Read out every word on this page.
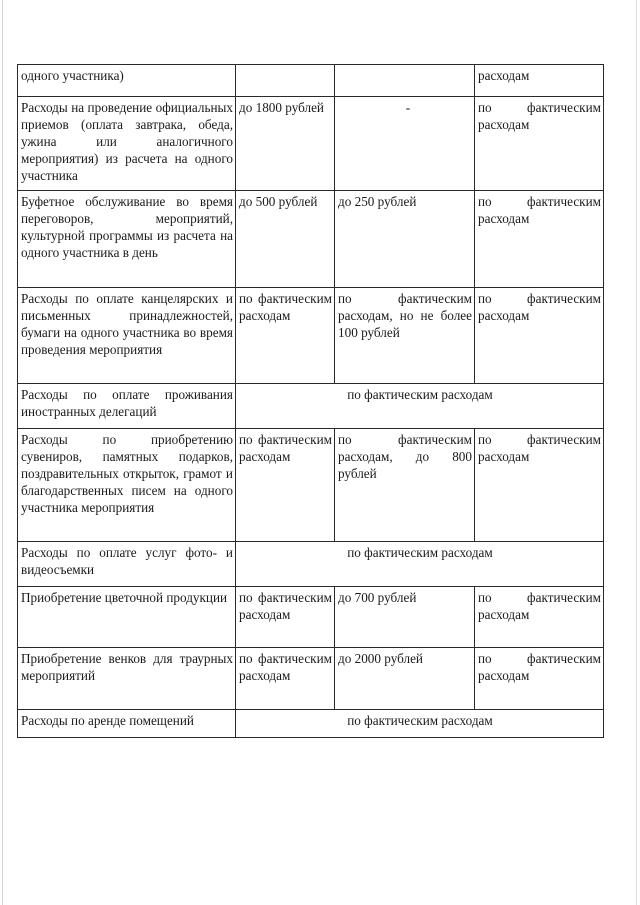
одного участника)			расходам
Расходы на проведение официальных приемов (оплата завтрака, обеда, ужина или аналогичного мероприятия) из расчета на одного участника	до 1800 рублей	-	по фактическим расходам
Буфетное обслуживание во время переговоров, мероприятий, культурной программы из расчета на одного участника в день	до 500 рублей	до 250 рублей	по фактическим расходам
Расходы по оплате канцелярских и письменных принадлежностей, бумаги на одного участника во время проведения мероприятия	по фактическим расходам	по фактическим расходам, но не более 100 рублей	по фактическим расходам
Расходы по оплате проживания иностранных делегаций	по фактическим расходам		
Расходы по приобретению сувениров, памятных подарков, поздравительных открыток, грамот и благодарственных писем на одного участника мероприятия	по фактическим расходам	по фактическим расходам, до 800 рублей	по фактическим расходам
Расходы по оплате услуг фото- и видеосъемки	по фактическим расходам		
Приобретение цветочной продукции	по фактическим расходам	до 700 рублей	по фактическим расходам
Приобретение венков для траурных мероприятий	по фактическим расходам	до 2000 рублей	по фактическим расходам
Расходы по аренде помещений	по фактическим расходам		
